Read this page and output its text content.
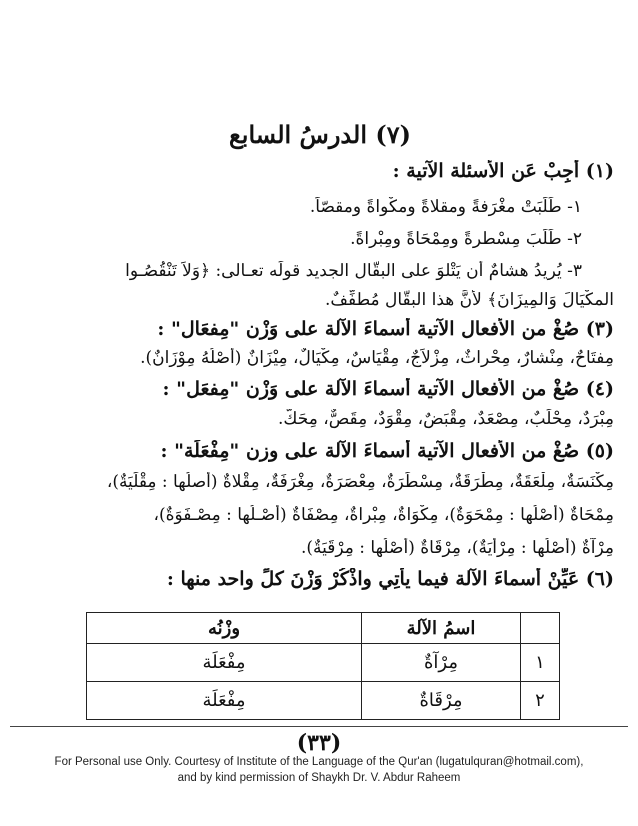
(٧) الدرسُ السابع
(١) أجِبْ عَن الأسئلة الآتية :
١- طَلَبَتْ مغْرَفةً ومقلاةً ومكْواةً ومقصّاً.
٢- طَلَبَ مِسْطرةً ومِمْحَاةً ومِبْراةً.
٣- يُريدُ هشامٌ أن يَتْلوَ على البقّال الجديد قولَه تعـالى: ﴿وَلاَ تَنْقُصُـوا
المكْيَالَ وَالمِيزَانَ﴾ لأنَّ هذا البقّال مُطفِّفٌ.
(٣) صُغْ من الأفعال الآتية أسماءَ الآلة على وَزْن "مِفعَال" :
مِفتَاحٌ، مِنْشارٌ، مِحْراثٌ، مِزْلاَجٌ، مِقْيَاسٌ، مِكْيَالٌ، مِيْزَانٌ (أصْلُهُ مِوْزَانٌ).
(٤) صُغْ من الأفعال الآتية أسماءَ الآلة على وَزْن "مِفعَل" :
مِبْرَدٌ، مِحْلَبٌ، مِصْعَدٌ، مِقْبَضٌ، مِقْوَدٌ، مِقَصٌّ، مِحَكٌّ.
(٥) صُغْ من الأفعال الآتية أسماءَ الآلة على وزن "مِفْعَلَة" :
مِكْنَسَةٌ، مِلْعَقَةٌ، مِطْرَقَةٌ، مِسْطَرَةٌ، مِعْصَرَةٌ، مِغْرَفَةٌ، مِقْلاةٌ (أصلُها : مِقْلَيَةٌ)،
مِمْحَاةٌ (أصْلُها : مِمْحَوَةٌ)، مِكْوَاةٌ، مِبْراةٌ، مِصْفَاةٌ (أصْـلُها : مِصْـفَوَةٌ)،
مِرْآةٌ (أصْلُها : مِرْأَيَةٌ)، مِرْقَاةٌ (أصْلُها : مِرْقَيَةٌ).
(٦) عَيِّنْ أسماءَ الآلة فيما يأتِي واذْكُرْ وَزْنَ كلٍّ واحد منها :
	اسمُ الآلة	وزْنُه
١	مِرْآةٌ	مِفْعَلَة
٢	مِرْقَاةٌ	مِفْعَلَة
(٣٣)
For Personal use Only. Courtesy of Institute of the Language of the Qur'an (lugatulquran@hotmail.com),
and by kind permission of Shaykh Dr. V. Abdur Raheem
